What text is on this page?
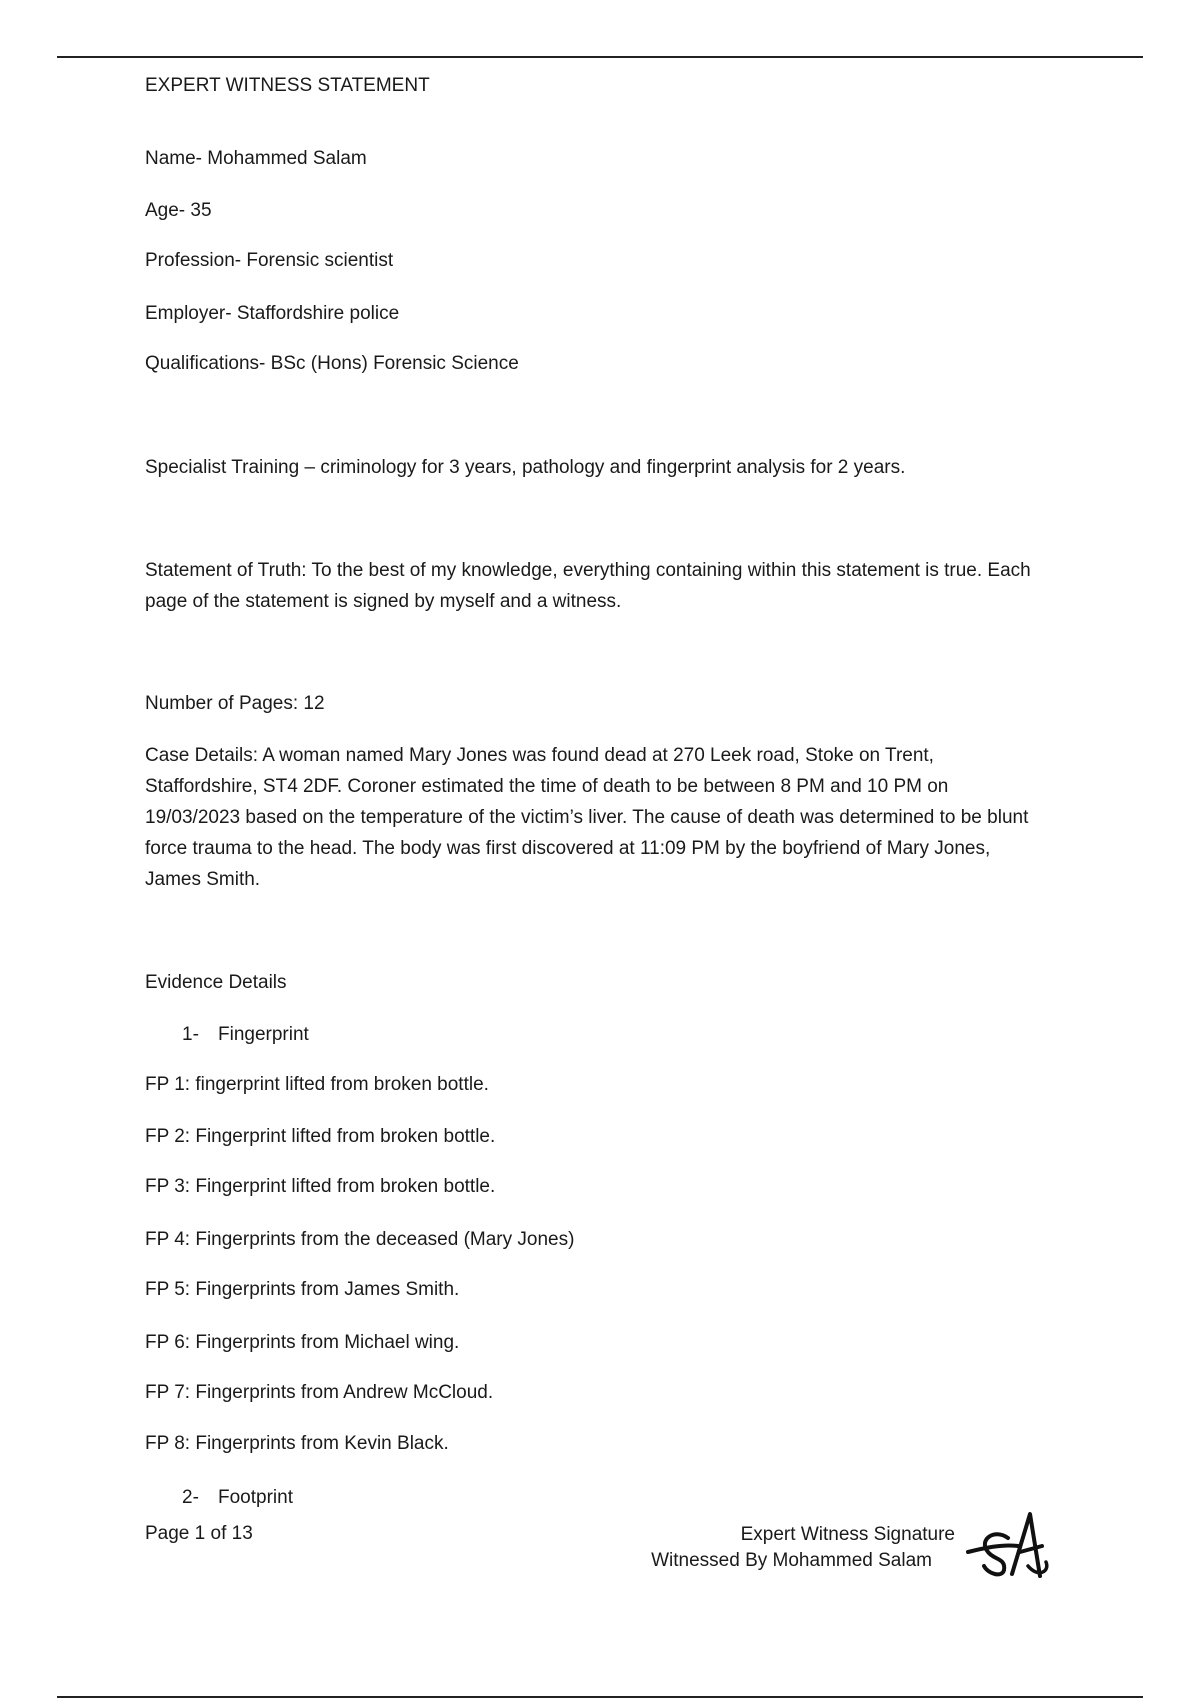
EXPERT WITNESS STATEMENT
Name- Mohammed Salam
Age- 35
Profession- Forensic scientist
Employer- Staffordshire police
Qualifications- BSc (Hons) Forensic Science
Specialist Training – criminology for 3 years, pathology and fingerprint analysis for 2 years.
Statement of Truth: To the best of my knowledge, everything containing within this statement is true. Each page of the statement is signed by myself and a witness.
Number of Pages: 12
Case Details: A woman named Mary Jones was found dead at 270 Leek road, Stoke on Trent, Staffordshire, ST4 2DF. Coroner estimated the time of death to be between 8 PM and 10 PM on 19/03/2023 based on the temperature of the victim’s liver. The cause of death was determined to be blunt force trauma to the head. The body was first discovered at 11:09 PM by the boyfriend of Mary Jones, James Smith.
Evidence Details
1- Fingerprint
FP 1: fingerprint lifted from broken bottle.
FP 2: Fingerprint lifted from broken bottle.
FP 3: Fingerprint lifted from broken bottle.
FP 4: Fingerprints from the deceased (Mary Jones)
FP 5: Fingerprints from James Smith.
FP 6: Fingerprints from Michael wing.
FP 7: Fingerprints from Andrew McCloud.
FP 8: Fingerprints from Kevin Black.
2- Footprint
Page 1 of 13	Expert Witness Signature
Witnessed By Mohammed Salam
